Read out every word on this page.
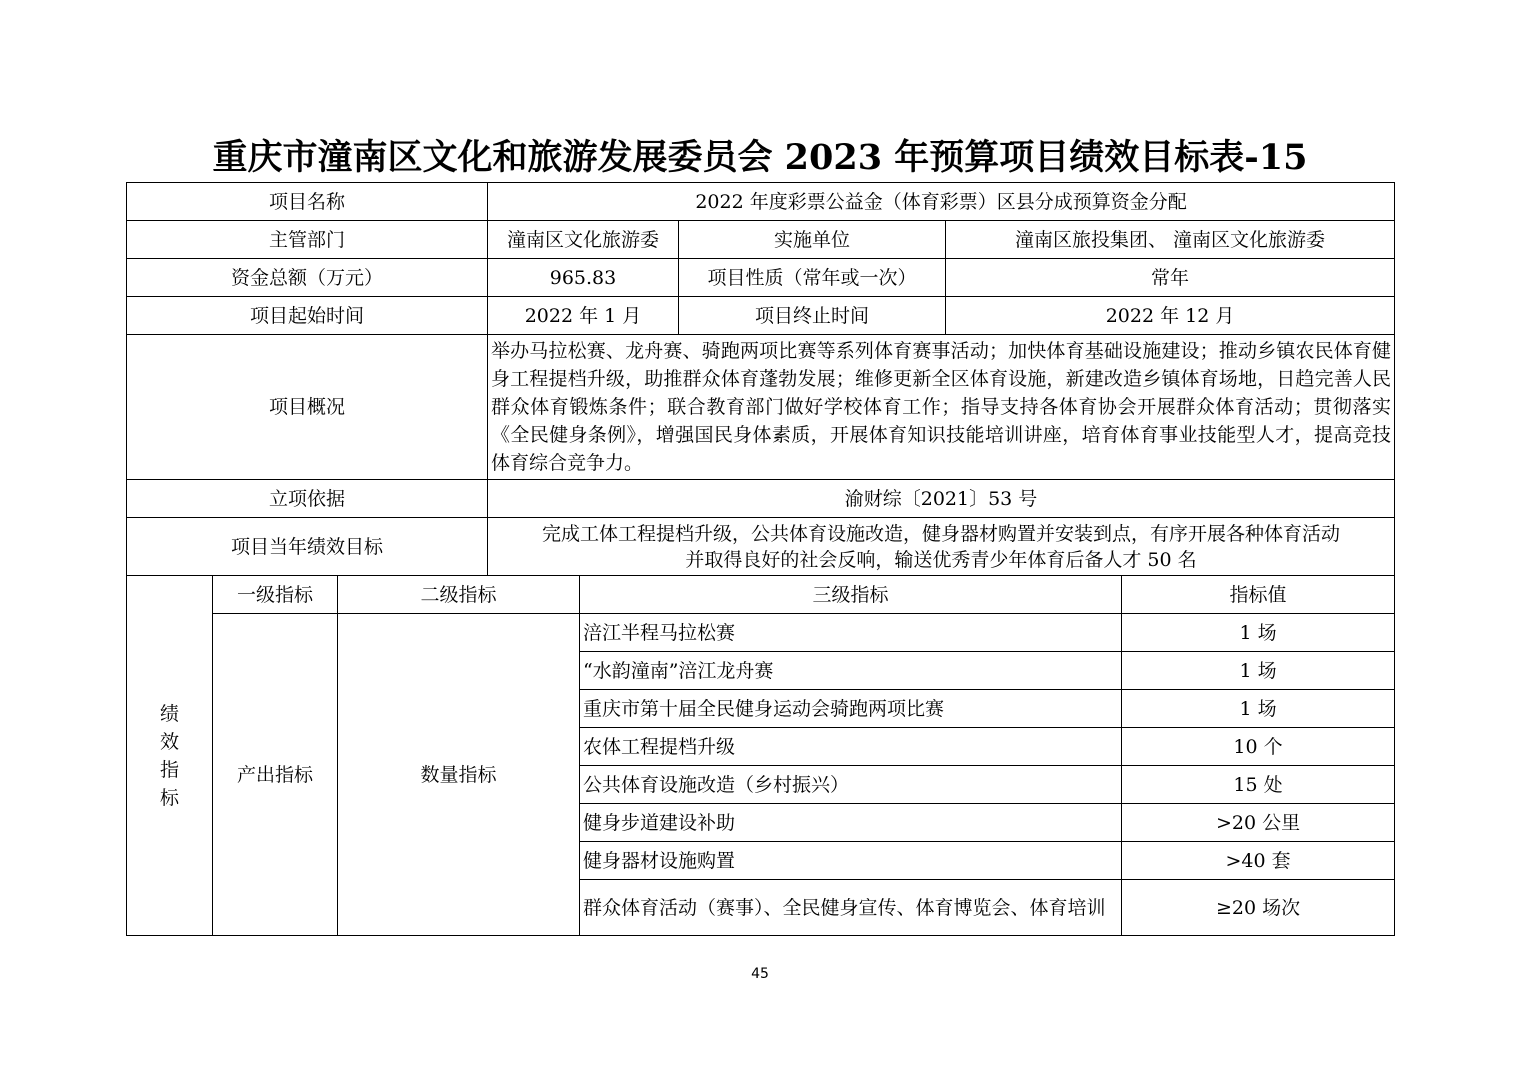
重庆市潼南区文化和旅游发展委员会 2023 年预算项目绩效目标表-15
项目名称			2022 年度彩票公益金（体育彩票）区县分成预算资金分配				
主管部门			潼南区文化旅游委		实施单位	潼南区旅投集团、 潼南区文化旅游委	
资金总额（万元）			965.83		项目性质（常年或一次）	常年	
项目起始时间			2022 年 1 月		项目终止时间	2022 年 12 月	
项目概况			举办马拉松赛、龙舟赛、骑跑两项比赛等系列体育赛事活动；加快体育基础设施建设；推动乡镇农民体育健身工程提档升级，助推群众体育蓬勃发展；维修更新全区体育设施，新建改造乡镇体育场地，日趋完善人民群众体育锻炼条件；联合教育部门做好学校体育工作；指导支持各体育协会开展群众体育活动；贯彻落实《全民健身条例》，增强国民身体素质，开展体育知识技能培训讲座，培育体育事业技能型人才，提高竞技体育综合竞争力。				
立项依据			渝财综〔2021〕53 号				
项目当年绩效目标			完成工体工程提档升级，公共体育设施改造，健身器材购置并安装到点，有序开展各种体育活动
并取得良好的社会反响，输送优秀青少年体育后备人才 50 名				

绩
效
指
标	一级指标	二级指标		三级指标			指标值
	产出指标	数量指标		涪江半程马拉松赛			1 场
				“水韵潼南”涪江龙舟赛			1 场
				重庆市第十届全民健身运动会骑跑两项比赛			1 场
				农体工程提档升级			10 个
				公共体育设施改造（乡村振兴）			15 处
				健身步道建设补助			>20 公里
				健身器材设施购置			>40 套
				群众体育活动（赛事）、全民健身宣传、体育博览会、体育培训			≥20 场次
45
